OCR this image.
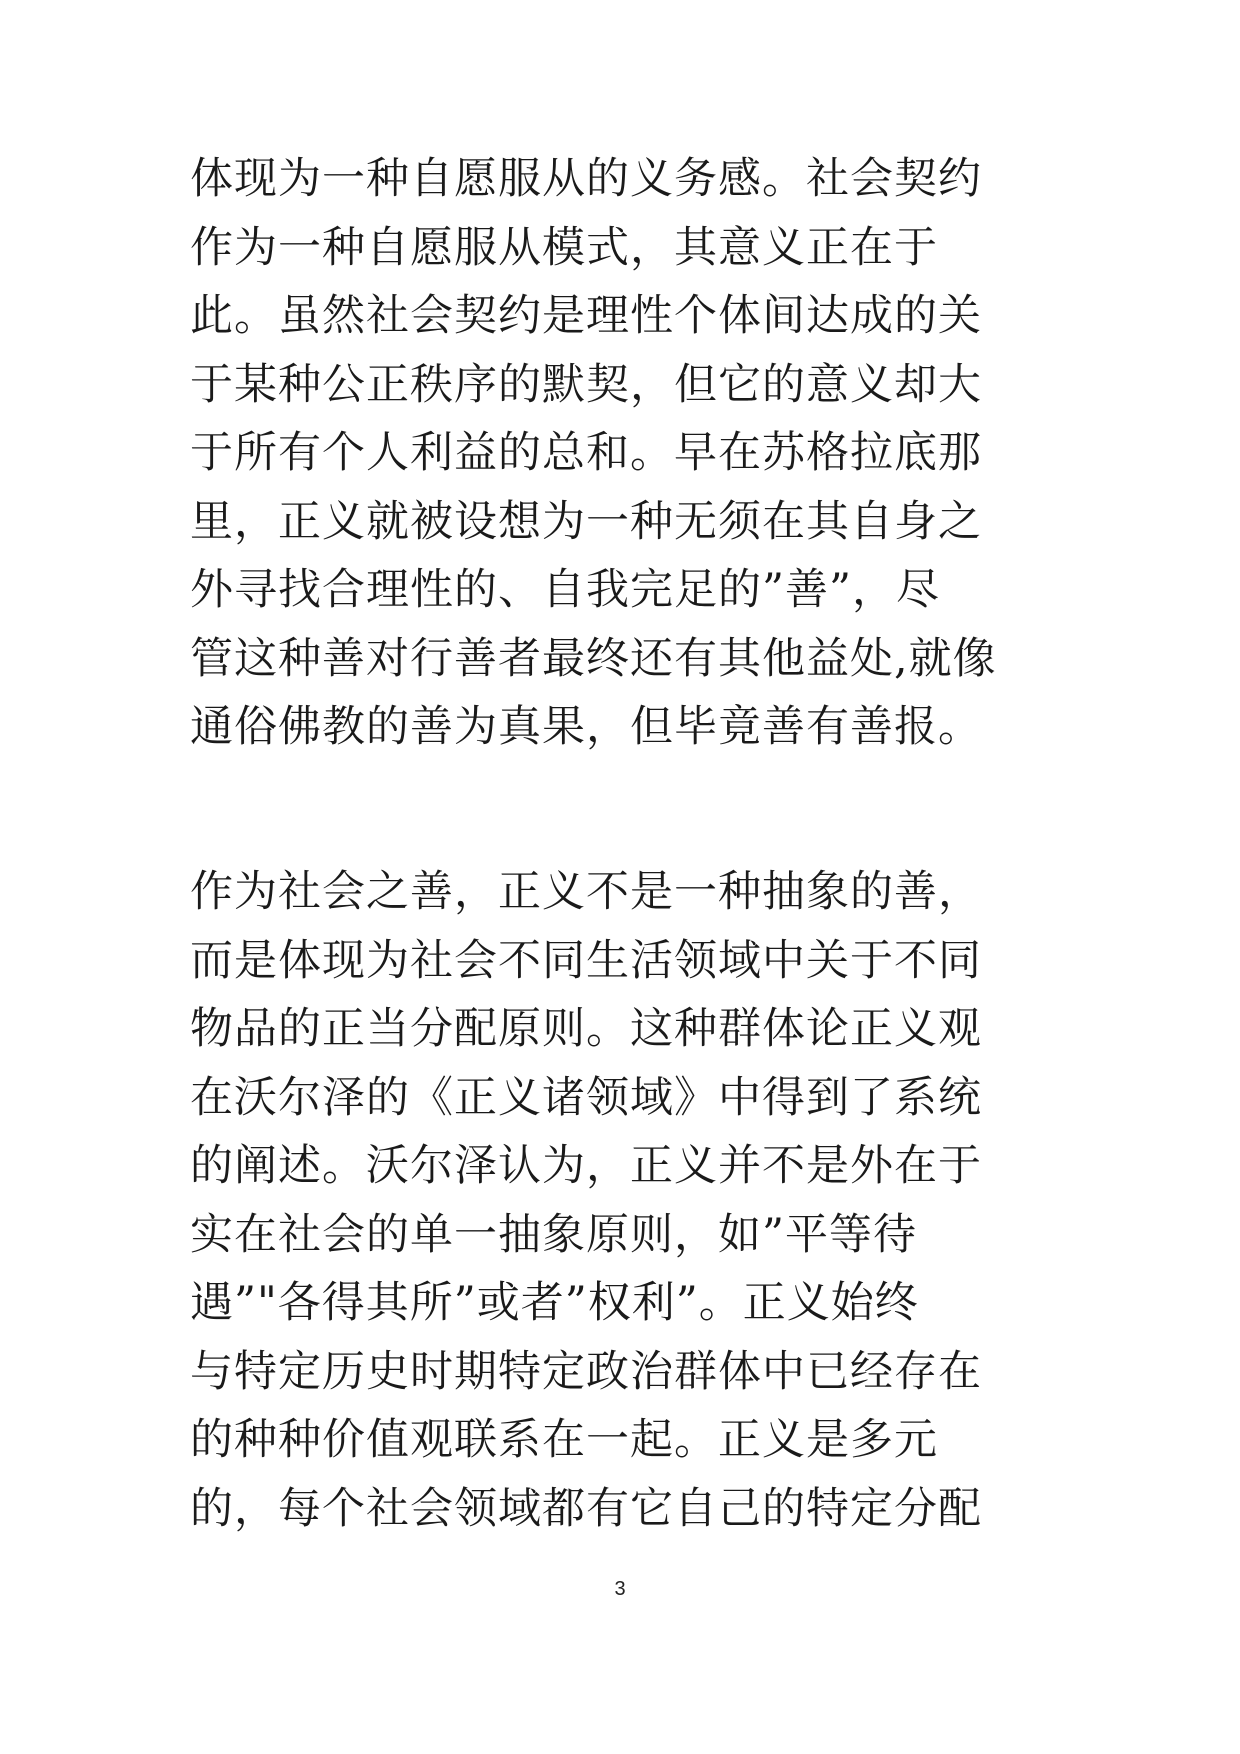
体现为一种自愿服从的义务感。社会契约
作为一种自愿服从模式，其意义正在于
此。虽然社会契约是理性个体间达成的关
于某种公正秩序的默契，但它的意义却大
于所有个人利益的总和。早在苏格拉底那
里，正义就被设想为一种无须在其自身之
外寻找合理性的、自我完足的”善”，尽
管这种善对行善者最终还有其他益处,就像
通俗佛教的善为真果，但毕竟善有善报。
作为社会之善，正义不是一种抽象的善，
而是体现为社会不同生活领域中关于不同
物品的正当分配原则。这种群体论正义观
在沃尔泽的《正义诸领域》中得到了系统
的阐述。沃尔泽认为，正义并不是外在于
实在社会的单一抽象原则，如”平等待
遇”"各得其所”或者”权利”。正义始终
与特定历史时期特定政治群体中已经存在
的种种价值观联系在一起。正义是多元
的，每个社会领域都有它自己的特定分配
3
